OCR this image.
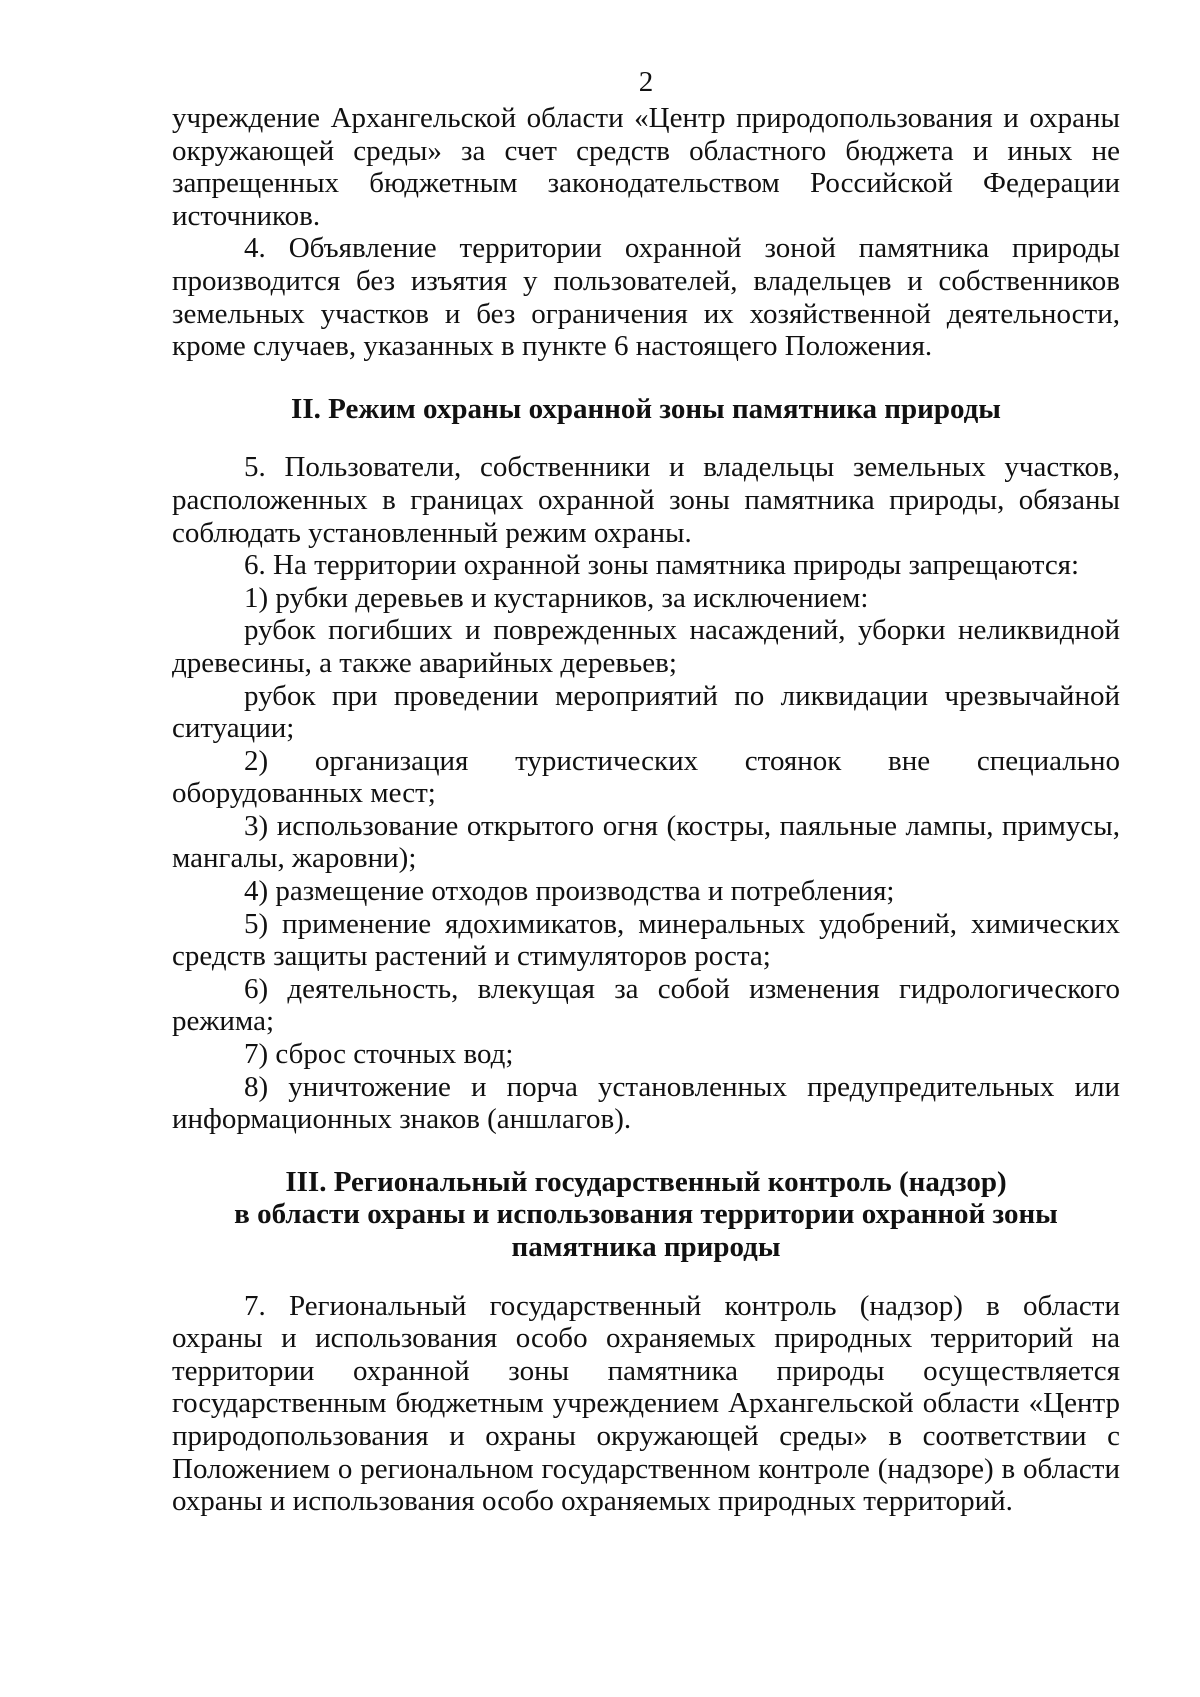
2

учреждение Архангельской области «Центр природопользования и охраны окружающей среды» за счет средств областного бюджета и иных не запрещенных бюджетным законодательством Российской Федерации источников.

4. Объявление территории охранной зоной памятника природы производится без изъятия у пользователей, владельцев и собственников земельных участков и без ограничения их хозяйственной деятельности, кроме случаев, указанных в пункте 6 настоящего Положения.

II. Режим охраны охранной зоны памятника природы

5. Пользователи, собственники и владельцы земельных участков, расположенных в границах охранной зоны памятника природы, обязаны соблюдать установленный режим охраны.

6. На территории охранной зоны памятника природы запрещаются:

1) рубки деревьев и кустарников, за исключением:

рубок погибших и поврежденных насаждений, уборки неликвидной древесины, а также аварийных деревьев;

рубок при проведении мероприятий по ликвидации чрезвычайной ситуации;

2) организация туристических стоянок вне специально оборудованных мест;

3) использование открытого огня (костры, паяльные лампы, примусы, мангалы, жаровни);

4) размещение отходов производства и потребления;

5) применение ядохимикатов, минеральных удобрений, химических средств защиты растений и стимуляторов роста;

6) деятельность, влекущая за собой изменения гидрологического режима;

7) сброс сточных вод;

8) уничтожение и порча установленных предупредительных или информационных знаков (аншлагов).

III. Региональный государственный контроль (надзор)
в области охраны и использования территории охранной зоны
памятника природы

7. Региональный государственный контроль (надзор) в области охраны и использования особо охраняемых природных территорий на территории охранной зоны памятника природы осуществляется государственным бюджетным учреждением Архангельской области «Центр природопользования и охраны окружающей среды» в соответствии с Положением о региональном государственном контроле (надзоре) в области охраны и использования особо охраняемых природных территорий.
